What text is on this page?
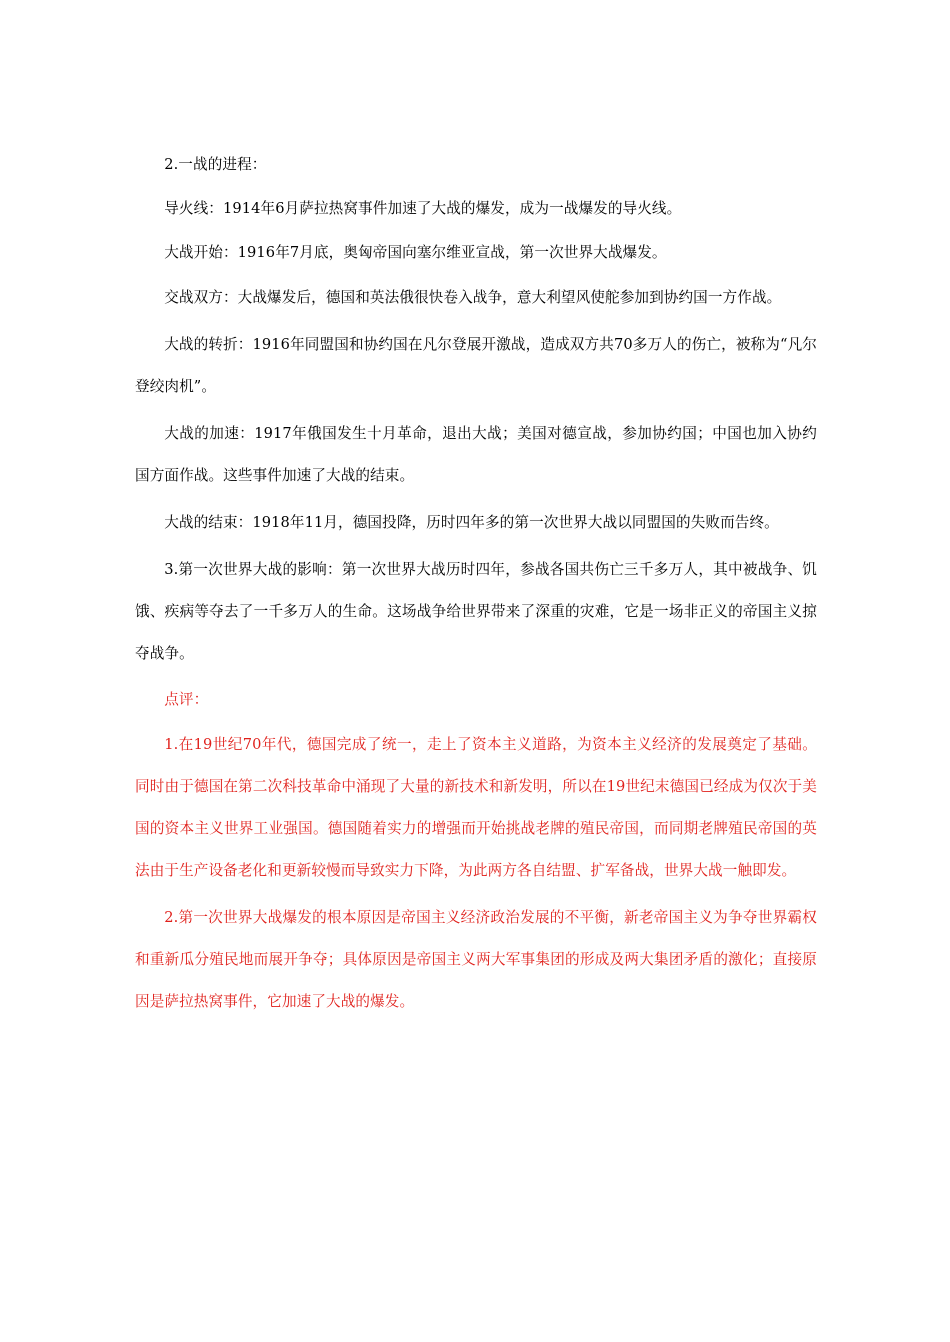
2.一战的进程：

导火线：1914年6月萨拉热窝事件加速了大战的爆发，成为一战爆发的导火线。

大战开始：1916年7月底，奥匈帝国向塞尔维亚宣战，第一次世界大战爆发。

交战双方：大战爆发后，德国和英法俄很快卷入战争，意大利望风使舵参加到协约国一方作战。

大战的转折：1916年同盟国和协约国在凡尔登展开激战，造成双方共70多万人的伤亡，被称为“凡尔登绞肉机”。

大战的加速：1917年俄国发生十月革命，退出大战；美国对德宣战，参加协约国；中国也加入协约国方面作战。这些事件加速了大战的结束。

大战的结束：1918年11月，德国投降，历时四年多的第一次世界大战以同盟国的失败而告终。

3.第一次世界大战的影响：第一次世界大战历时四年，参战各国共伤亡三千多万人，其中被战争、饥饿、疾病等夺去了一千多万人的生命。这场战争给世界带来了深重的灾难，它是一场非正义的帝国主义掠夺战争。

点评：

1.在19世纪70年代，德国完成了统一，走上了资本主义道路，为资本主义经济的发展奠定了基础。同时由于德国在第二次科技革命中涌现了大量的新技术和新发明，所以在19世纪末德国已经成为仅次于美国的资本主义世界工业强国。德国随着实力的增强而开始挑战老牌的殖民帝国，而同期老牌殖民帝国的英法由于生产设备老化和更新较慢而导致实力下降，为此两方各自结盟、扩军备战，世界大战一触即发。

2.第一次世界大战爆发的根本原因是帝国主义经济政治发展的不平衡，新老帝国主义为争夺世界霸权和重新瓜分殖民地而展开争夺；具体原因是帝国主义两大军事集团的形成及两大集团矛盾的激化；直接原因是萨拉热窝事件，它加速了大战的爆发。
